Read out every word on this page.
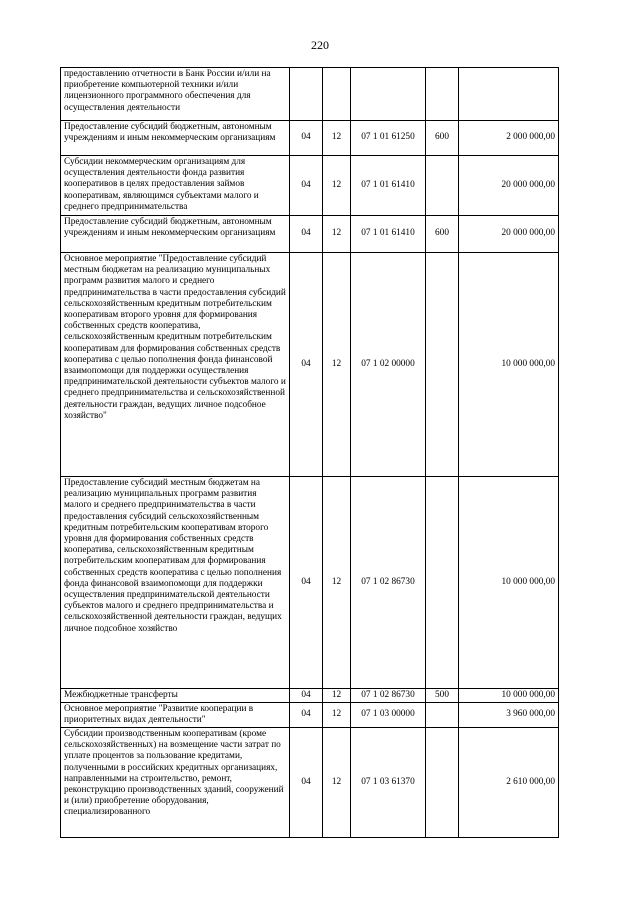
220
предоставлению отчетности в Банк России и/или на приобретение компьютерной техники и/или лицензионного программного обеспечения для осуществления деятельности					
Предоставление субсидий бюджетным, автономным учреждениям и иным некоммерческим организациям	04	12	07 1 01 61250	600	2 000 000,00
Субсидии некоммерческим организациям для осуществления деятельности фонда развития кооперативов в целях предоставления займов кооперативам, являющимся субъектами малого и среднего предпринимательства	04	12	07 1 01 61410		20 000 000,00
Предоставление субсидий бюджетным, автономным учреждениям и иным некоммерческим организациям	04	12	07 1 01 61410	600	20 000 000,00
Основное мероприятие "Предоставление субсидий местным бюджетам на реализацию муниципальных программ развития малого и среднего предпринимательства в части предоставления субсидий сельскохозяйственным кредитным потребительским кооперативам второго уровня для формирования собственных средств кооператива, сельскохозяйственным кредитным потребительским кооперативам для формирования собственных средств кооператива с целью пополнения фонда финансовой взаимопомощи для поддержки осуществления предпринимательской деятельности субъектов малого и среднего предпринимательства и сельскохозяйственной деятельности граждан, ведущих личное подсобное хозяйство"	04	12	07 1 02 00000		10 000 000,00
Предоставление субсидий местным бюджетам на реализацию муниципальных программ развития малого и среднего предпринимательства в части предоставления субсидий сельскохозяйственным кредитным потребительским кооперативам второго уровня для формирования собственных средств кооператива, сельскохозяйственным кредитным потребительским кооперативам для формирования собственных средств кооператива с целью пополнения фонда финансовой взаимопомощи для поддержки осуществления предпринимательской деятельности субъектов малого и среднего предпринимательства и сельскохозяйственной деятельности граждан, ведущих личное подсобное хозяйство	04	12	07 1 02 86730		10 000 000,00
Межбюджетные трансферты	04	12	07 1 02 86730	500	10 000 000,00
Основное мероприятие "Развитие кооперации в приоритетных видах деятельности"	04	12	07 1 03 00000		3 960 000,00
Субсидии производственным кооперативам (кроме сельскохозяйственных) на возмещение части затрат по уплате процентов за пользование кредитами, полученными в российских кредитных организациях, направленными на строительство, ремонт, реконструкцию производственных зданий, сооружений и (или) приобретение оборудования, специализированного	04	12	07 1 03 61370		2 610 000,00
